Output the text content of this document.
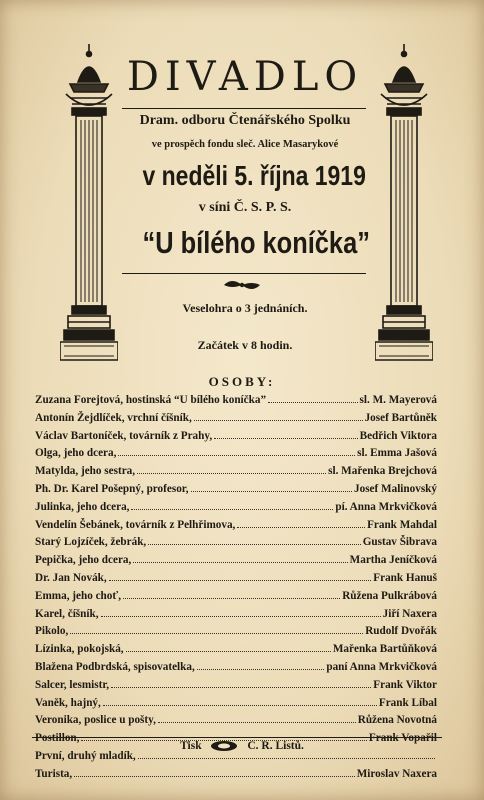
DIVADLO
Dram. odboru Čtenářského Spolku
ve prospěch fondu sleč. Alice Masarykové
v neděli 5. října 1919
v síni Č. S. P. S.
“U bílého koníčka”
Veselohra o 3 jednáních.
Začátek v 8 hodin.
OSOBY:
Zuzana Forejtová, hostinská “U bílého koníčka”	sl. M. Mayerová
Antonín Žejdlíček, vrchní číšník,	Josef Bartůněk
Václav Bartoníček, továrník z Prahy,	Bedřich Viktora
Olga, jeho dcera,	sl. Emma Jašová
Matylda, jeho sestra,	sl. Mařenka Brejchová
Ph. Dr. Karel Pošepný, profesor,	Josef Malinovský
Julinka, jeho dcera,	pí. Anna Mrkvičková
Vendelín Šebánek, továrník z Pelhřimova,	Frank Mahdal
Starý Lojzíček, žebrák,	Gustav Šibrava
Pepička, jeho dcera,	Martha Jeníčková
Dr. Jan Novák,	Frank Hanuš
Emma, jeho choť,	Růžena Pulkrábová
Karel, číšník,	Jiří Naxera
Pikolo,	Rudolf Dvořák
Lízinka, pokojská,	Mařenka Bartůňková
Blažena Podbrdská, spisovatelka,	paní Anna Mrkvičková
Salcer, lesmistr,	Frank Viktor
Vaněk, hajný,	Frank Líbal
Veronika, poslice u pošty,	Růžena Novotná
Postillon,	Frank Vopařil
První, druhý mladík,
Turista,	Miroslav Naxera
Tisk	C. R. Listů.
